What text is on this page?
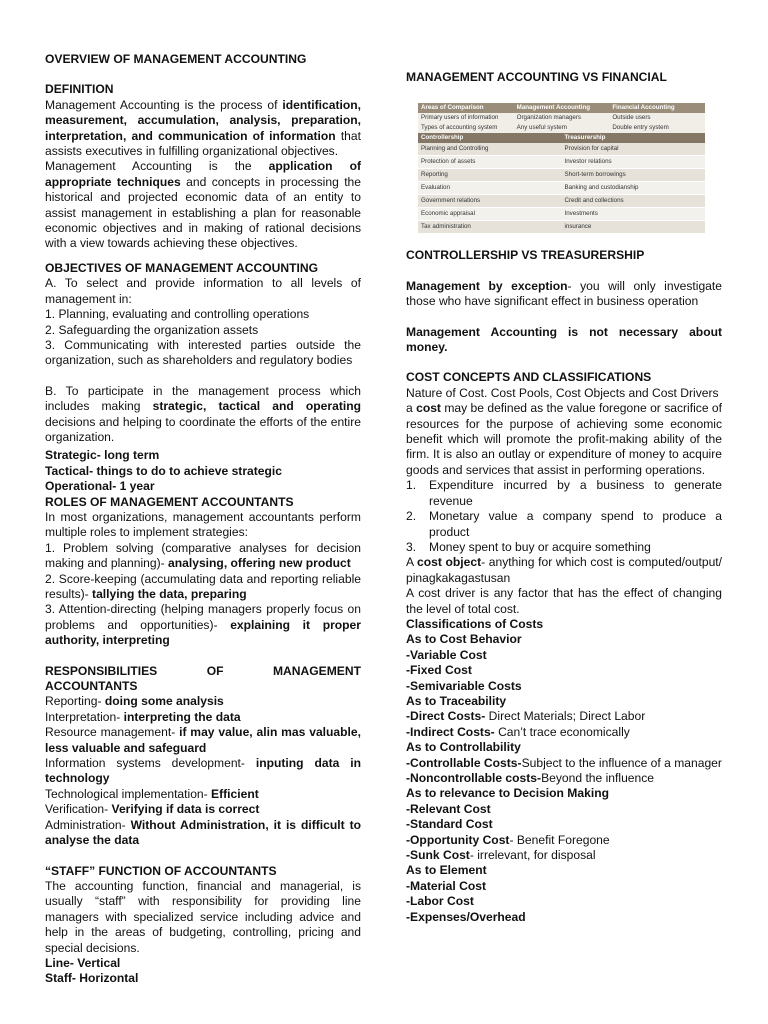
OVERVIEW OF MANAGEMENT ACCOUNTING

DEFINITION

Management Accounting is the process of identification, measurement, accumulation, analysis, preparation, interpretation, and communication of information that assists executives in fulfilling organizational objectives.

Management Accounting is the application of appropriate techniques and concepts in processing the historical and projected economic data of an entity to assist management in establishing a plan for reasonable economic objectives and in making of rational decisions with a view towards achieving these objectives.

OBJECTIVES OF MANAGEMENT ACCOUNTING

A. To select and provide information to all levels of management in:

1. Planning, evaluating and controlling operations

2. Safeguarding the organization assets

3. Communicating with interested parties outside the organization, such as shareholders and regulatory bodies

B. To participate in the management process which includes making strategic, tactical and operating decisions and helping to coordinate the efforts of the entire organization.

Strategic- long term

Tactical- things to do to achieve strategic

Operational- 1 year

ROLES OF MANAGEMENT ACCOUNTANTS

In most organizations, management accountants perform multiple roles to implement strategies:

1. Problem solving (comparative analyses for decision making and planning)- analysing, offering new product

2. Score-keeping (accumulating data and reporting reliable results)- tallying the data, preparing

3. Attention-directing (helping managers properly focus on problems and opportunities)- explaining it proper authority, interpreting

RESPONSIBILITIES OF MANAGEMENT ACCOUNTANTS

Reporting- doing some analysis

Interpretation- interpreting the data

Resource management- if may value, alin mas valuable, less valuable and safeguard

Information systems development- inputing data in technology

Technological implementation- Efficient

Verification- Verifying if data is correct

Administration- Without Administration, it is difficult to analyse the data

“STAFF” FUNCTION OF ACCOUNTANTS

The accounting function, financial and managerial, is usually “staff” with responsibility for providing line managers with specialized service including advice and help in the areas of budgeting, controlling, pricing and special decisions.

Line- Vertical

Staff- Horizontal

MANAGEMENT ACCOUNTING VS FINANCIAL

Areas of Comparison	Management Accounting	Financial Accounting
Primary users of information	Organization managers	Outside users
Types of accounting system	Any useful system	Double entry system
Controllership	Treasurership
Planning and Controlling	Provision for capital
Protection of assets	Investor relations
Reporting	Short-term borrowings
Evaluation	Banking and custodianship
Government relations	Credit and collections
Economic appraisal	Investments
Tax administration	insurance

CONTROLLERSHIP VS TREASURERSHIP

Management by exception- you will only investigate those who have significant effect in business operation

Management Accounting is not necessary about money.

COST CONCEPTS AND CLASSIFICATIONS

Nature of Cost. Cost Pools, Cost Objects and Cost Drivers

a cost may be defined as the value foregone or sacrifice of resources for the purpose of achieving some economic benefit which will promote the profit-making ability of the firm. It is also an outlay or expenditure of money to acquire goods and services that assist in performing operations.

1. Expenditure incurred by a business to generate revenue
2. Monetary value a company spend to produce a product
3. Money spent to buy or acquire something

A cost object- anything for which cost is computed/output/ pinagkakagastusan

A cost driver is any factor that has the effect of changing the level of total cost.

Classifications of Costs

As to Cost Behavior

-Variable Cost

-Fixed Cost

-Semivariable Costs

As to Traceability

-Direct Costs- Direct Materials; Direct Labor

-Indirect Costs- Can’t trace economically

As to Controllability

-Controllable Costs-Subject to the influence of a manager

-Noncontrollable costs-Beyond the influence

As to relevance to Decision Making

-Relevant Cost

-Standard Cost

-Opportunity Cost- Benefit Foregone

-Sunk Cost- irrelevant, for disposal

As to Element

-Material Cost

-Labor Cost

-Expenses/Overhead
